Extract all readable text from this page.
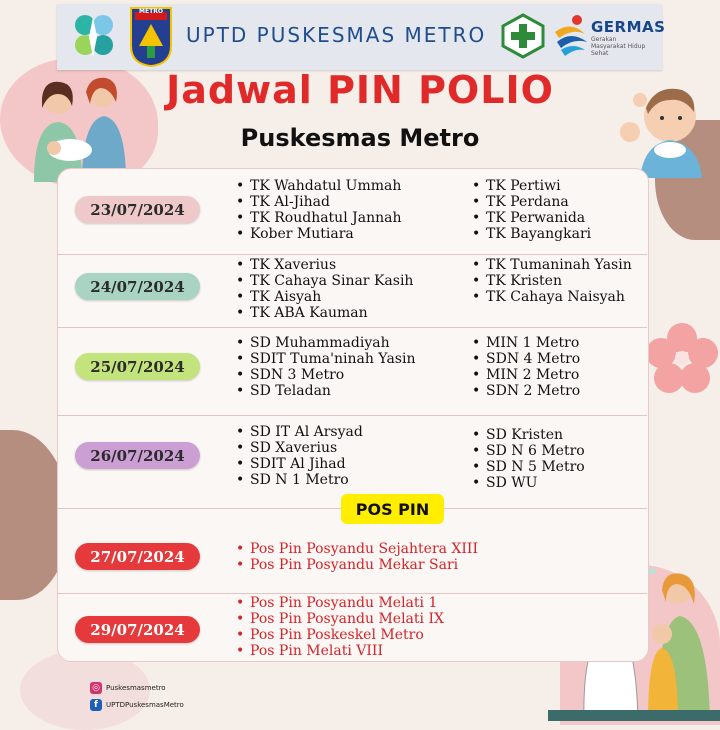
METRO
UPTD PUSKESMAS METRO	GERMAS
Gerakan Masyarakat Hidup Sehat
Jadwal PIN POLIO
Puskesmas Metro
23/07/2024
• TK Wahdatul Ummah
• TK Al-Jihad
• TK Roudhatul Jannah
• Kober Mutiara
• TK Pertiwi
• TK Perdana
• TK Perwanida
• TK Bayangkari
24/07/2024
• TK Xaverius
• TK Cahaya Sinar Kasih
• TK Aisyah
• TK ABA Kauman
• TK Tumaninah Yasin
• TK Kristen
• TK Cahaya Naisyah
25/07/2024
• SD Muhammadiyah
• SDIT Tuma'ninah Yasin
• SDN 3 Metro
• SD Teladan
• MIN 1 Metro
• SDN 4 Metro
• MIN 2 Metro
• SDN 2 Metro
26/07/2024
• SD IT Al Arsyad
• SD Xaverius
• SDIT Al Jihad
• SD N 1 Metro
• SD Kristen
• SD N 6 Metro
• SD N 5 Metro
• SD WU
POS PIN
27/07/2024
•	Pos Pin Posyandu Sejahtera XIII
• Pos Pin Posyandu Mekar Sari
29/07/2024
• Pos Pin Posyandu Melati 1
• Pos Pin Posyandu Melati IX
• Pos Pin Poskeskel Metro
• Pos Pin Melati VIII
◎ Puskesmasmetro
f	UPTDPuskesmasMetro
